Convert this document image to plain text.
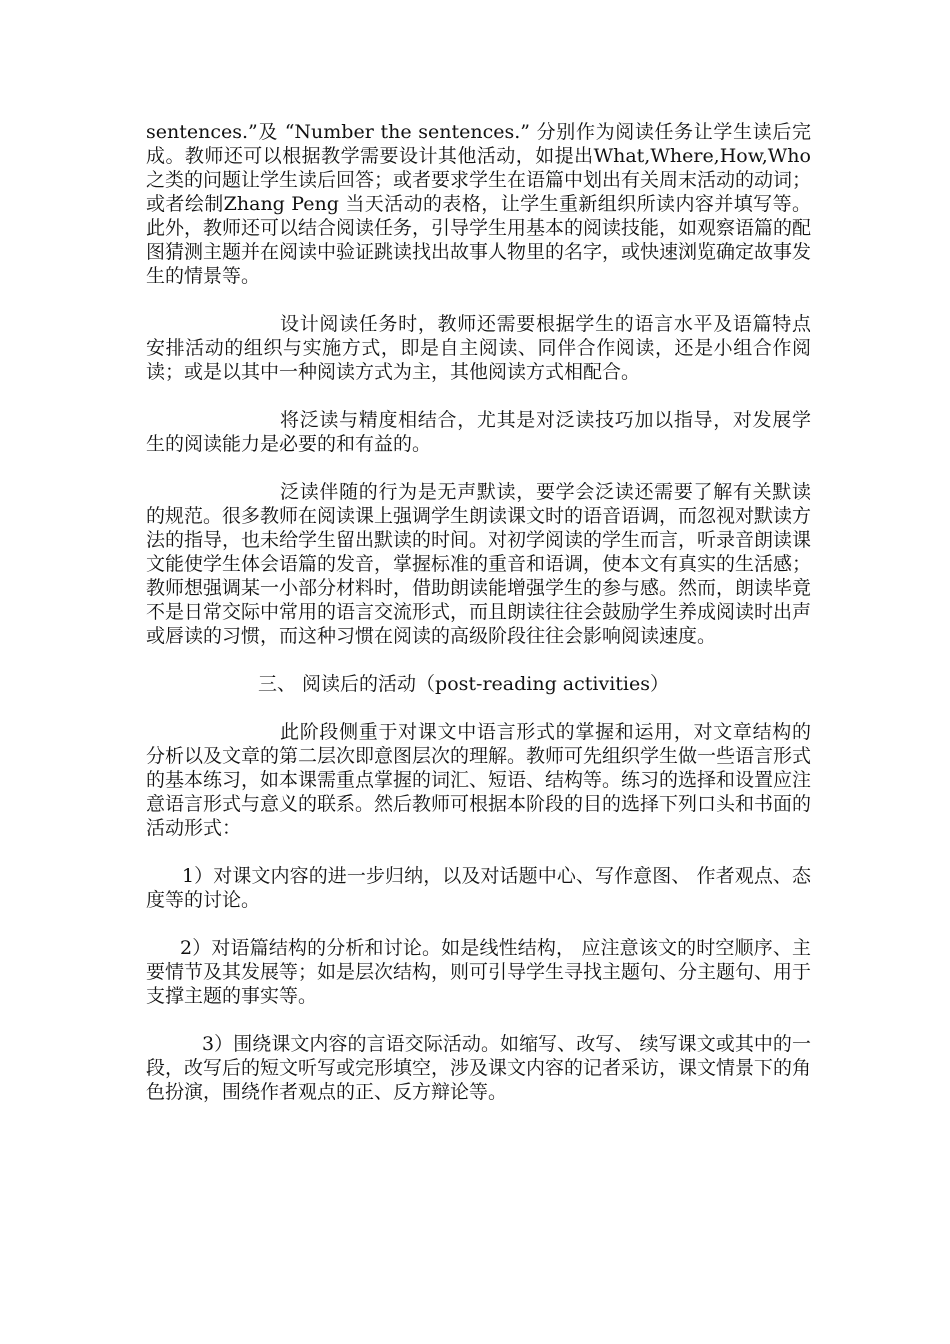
sentences.”及 “Number the sentences.” 分别作为阅读任务让学生读后完成。教师还可以根据教学需要设计其他活动，如提出What,Where,How,Who之类的问题让学生读后回答；或者要求学生在语篇中划出有关周末活动的动词；或者绘制Zhang Peng 当天活动的表格，让学生重新组织所读内容并填写等。此外，教师还可以结合阅读任务，引导学生用基本的阅读技能，如观察语篇的配图猜测主题并在阅读中验证跳读找出故事人物里的名字，或快速浏览确定故事发生的情景等。

设计阅读任务时，教师还需要根据学生的语言水平及语篇特点安排活动的组织与实施方式，即是自主阅读、同伴合作阅读，还是小组合作阅读；或是以其中一种阅读方式为主，其他阅读方式相配合。

将泛读与精度相结合，尤其是对泛读技巧加以指导，对发展学生的阅读能力是必要的和有益的。

泛读伴随的行为是无声默读，要学会泛读还需要了解有关默读的规范。很多教师在阅读课上强调学生朗读课文时的语音语调，而忽视对默读方法的指导，也未给学生留出默读的时间。对初学阅读的学生而言，听录音朗读课文能使学生体会语篇的发音，掌握标准的重音和语调，使本文有真实的生活感；教师想强调某一小部分材料时，借助朗读能增强学生的参与感。然而，朗读毕竟不是日常交际中常用的语言交流形式，而且朗读往往会鼓励学生养成阅读时出声或唇读的习惯，而这种习惯在阅读的高级阶段往往会影响阅读速度。

三、 阅读后的活动（post-reading activities）

此阶段侧重于对课文中语言形式的掌握和运用，对文章结构的分析以及文章的第二层次即意图层次的理解。教师可先组织学生做一些语言形式的基本练习，如本课需重点掌握的词汇、短语、结构等。练习的选择和设置应注意语言形式与意义的联系。然后教师可根据本阶段的目的选择下列口头和书面的活动形式：

1）对课文内容的进一步归纳，以及对话题中心、写作意图、 作者观点、态度等的讨论。

2）对语篇结构的分析和讨论。如是线性结构， 应注意该文的时空顺序、主要情节及其发展等；如是层次结构，则可引导学生寻找主题句、分主题句、用于支撑主题的事实等。

3）围绕课文内容的言语交际活动。如缩写、改写、 续写课文或其中的一段，改写后的短文听写或完形填空，涉及课文内容的记者采访，课文情景下的角色扮演，围绕作者观点的正、反方辩论等。
